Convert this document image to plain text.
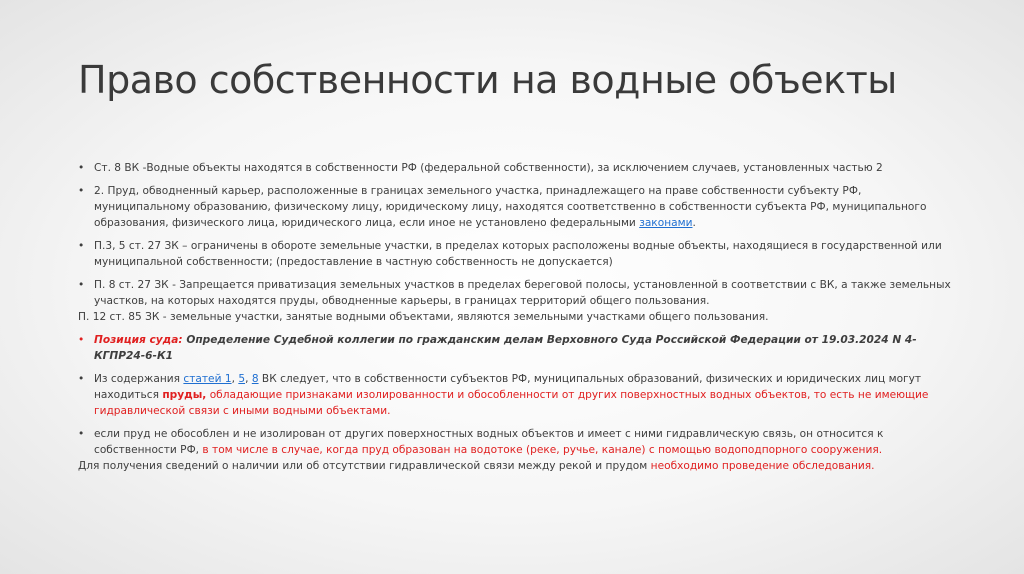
Право собственности на водные объекты
• Ст. 8 ВК -Водные объекты находятся в собственности РФ (федеральной собственности), за исключением случаев, установленных частью 2
• 2. Пруд, обводненный карьер, расположенные в границах земельного участка, принадлежащего на праве собственности субъекту РФ, муниципальному образованию, физическому лицу, юридическому лицу, находятся соответственно в собственности субъекта РФ, муниципального образования, физического лица, юридического лица, если иное не установлено федеральными законами.
• П.3, 5 ст. 27 ЗК – ограничены в обороте земельные участки, в пределах которых расположены водные объекты, находящиеся в государственной или муниципальной собственности; (предоставление в частную собственность не допускается)
• П. 8 ст. 27 ЗК - Запрещается приватизация земельных участков в пределах береговой полосы, установленной в соответствии с ВК, а также земельных участков, на которых находятся пруды, обводненные карьеры, в границах территорий общего пользования.
П. 12 ст. 85 ЗК - земельные участки, занятые водными объектами, являются земельными участками общего пользования.
• Позиция суда: Определение Судебной коллегии по гражданским делам Верховного Суда Российской Федерации от 19.03.2024 N 4-КГПР24-6-К1
• Из содержания статей 1, 5, 8 ВК следует, что в собственности субъектов РФ, муниципальных образований, физических и юридических лиц могут находиться пруды, обладающие признаками изолированности и обособленности от других поверхностных водных объектов, то есть не имеющие гидравлической связи с иными водными объектами.
• если пруд не обособлен и не изолирован от других поверхностных водных объектов и имеет с ними гидравлическую связь, он относится к собственности РФ, в том числе в случае, когда пруд образован на водотоке (реке, ручье, канале) с помощью водоподпорного сооружения.
Для получения сведений о наличии или об отсутствии гидравлической связи между рекой и прудом необходимо проведение обследования.
